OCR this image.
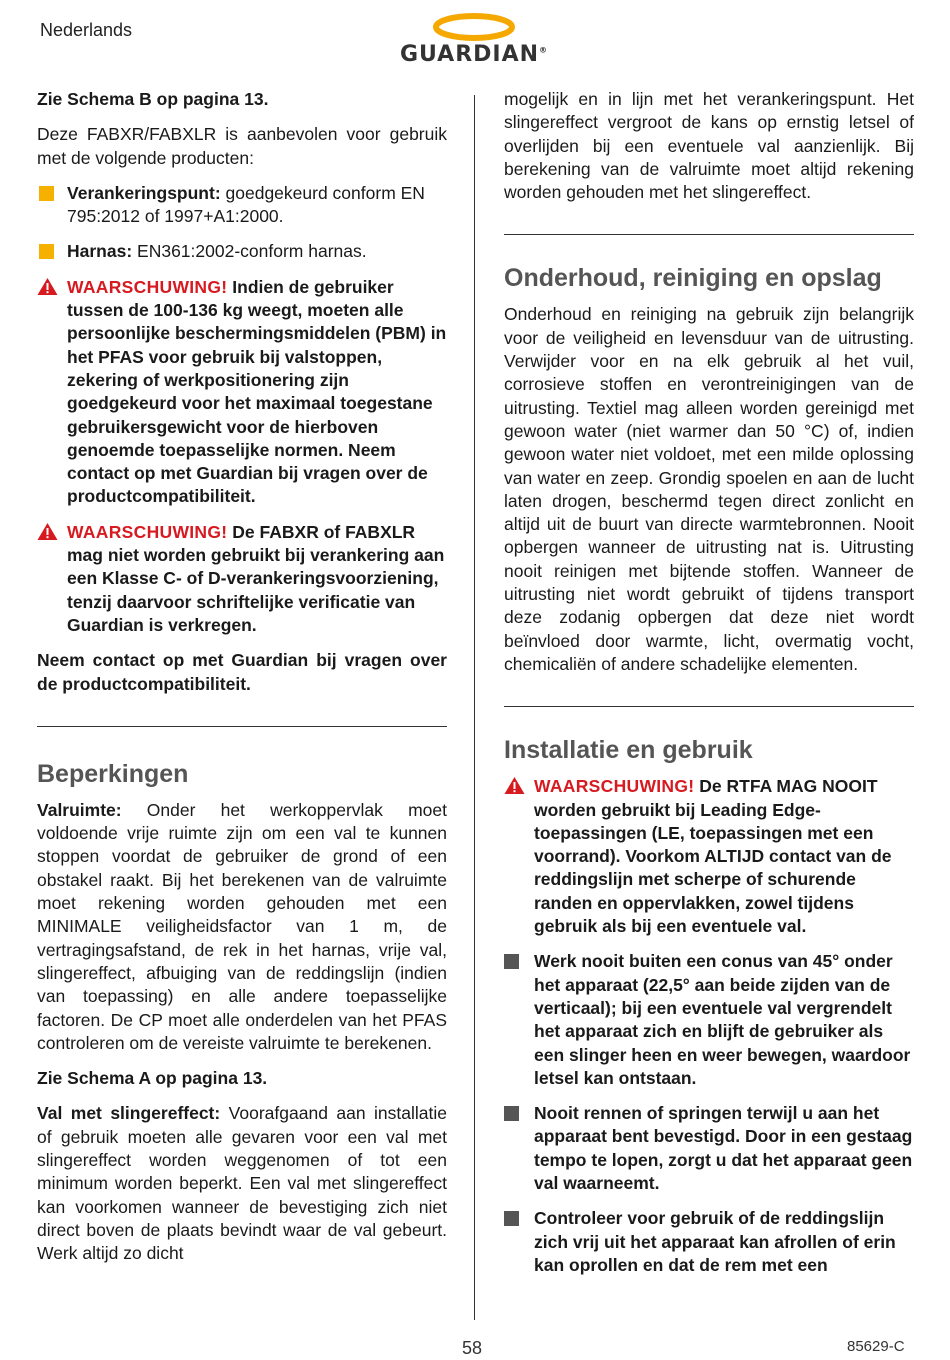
Nederlands
GUARDIAN®

Zie Schema B op pagina 13.

Deze FABXR/FABXLR is aanbevolen voor gebruik met de volgende producten:

Verankeringspunt: goedgekeurd conform EN 795:2012 of 1997+A1:2000.
Harnas: EN361:2002-conform harnas.
WAARSCHUWING! Indien de gebruiker tussen de 100-136 kg weegt, moeten alle persoonlijke beschermingsmiddelen (PBM) in het PFAS voor gebruik bij valstoppen, zekering of werkpositionering zijn goedgekeurd voor het maximaal toegestane gebruikersgewicht voor de hierboven genoemde toepasselijke normen. Neem contact op met Guardian bij vragen over de productcompatibiliteit.
WAARSCHUWING! De FABXR of FABXLR mag niet worden gebruikt bij verankering aan een Klasse C- of D-verankeringsvoorziening, tenzij daarvoor schriftelijke verificatie van Guardian is verkregen.

Neem contact op met Guardian bij vragen over de productcompatibiliteit.

Beperkingen

Valruimte: Onder het werkoppervlak moet voldoende vrije ruimte zijn om een val te kunnen stoppen voordat de gebruiker de grond of een obstakel raakt. Bij het berekenen van de valruimte moet rekening worden gehouden met een MINIMALE veiligheidsfactor van 1 m, de vertragingsafstand, de rek in het harnas, vrije val, slingereffect, afbuiging van de reddingslijn (indien van toepassing) en alle andere toepasselijke factoren. De CP moet alle onderdelen van het PFAS controleren om de vereiste valruimte te berekenen.

Zie Schema A op pagina 13.

Val met slingereffect: Voorafgaand aan installatie of gebruik moeten alle gevaren voor een val met slingereffect worden weggenomen of tot een minimum worden beperkt. Een val met slingereffect kan voorkomen wanneer de bevestiging zich niet direct boven de plaats bevindt waar de val gebeurt. Werk altijd zo dicht

mogelijk en in lijn met het verankeringspunt. Het slingereffect vergroot de kans op ernstig letsel of overlijden bij een eventuele val aanzienlijk. Bij berekening van de valruimte moet altijd rekening worden gehouden met het slingereffect.

Onderhoud, reiniging en opslag

Onderhoud en reiniging na gebruik zijn belangrijk voor de veiligheid en levensduur van de uitrusting. Verwijder voor en na elk gebruik al het vuil, corrosieve stoffen en verontreinigingen van de uitrusting. Textiel mag alleen worden gereinigd met gewoon water (niet warmer dan 50 °C) of, indien gewoon water niet voldoet, met een milde oplossing van water en zeep. Grondig spoelen en aan de lucht laten drogen, beschermd tegen direct zonlicht en altijd uit de buurt van directe warmtebronnen. Nooit opbergen wanneer de uitrusting nat is. Uitrusting nooit reinigen met bijtende stoffen. Wanneer de uitrusting niet wordt gebruikt of tijdens transport deze zodanig opbergen dat deze niet wordt beïnvloed door warmte, licht, overmatig vocht, chemicaliën of andere schadelijke elementen.

Installatie en gebruik
WAARSCHUWING! De RTFA MAG NOOIT worden gebruikt bij Leading Edge-toepassingen (LE, toepassingen met een voorrand). Voorkom ALTIJD contact van de reddingslijn met scherpe of schurende randen en oppervlakken, zowel tijdens gebruik als bij een eventuele val.
Werk nooit buiten een conus van 45° onder het apparaat (22,5° aan beide zijden van de verticaal); bij een eventuele val vergrendelt het apparaat zich en blijft de gebruiker als een slinger heen en weer bewegen, waardoor letsel kan ontstaan.
Nooit rennen of springen terwijl u aan het apparaat bent bevestigd. Door in een gestaag tempo te lopen, zorgt u dat het apparaat geen val waarneemt.
Controleer voor gebruik of de reddingslijn zich vrij uit het apparaat kan afrollen of erin kan oprollen en dat de rem met een
58	85629-C
